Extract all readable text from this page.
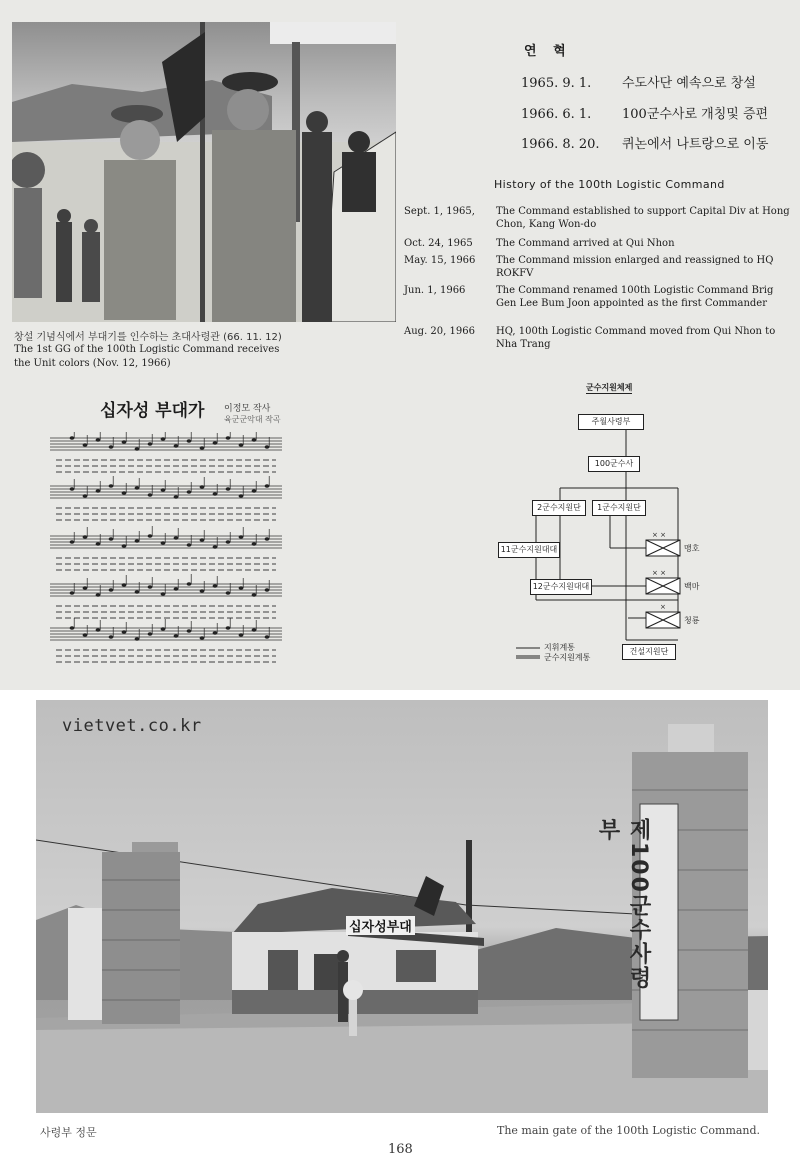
창설 기념식에서 부대기를 인수하는 초대사령관 (66. 11. 12)
The 1st GG of the 100th Logistic Command receives the Unit colors (Nov. 12, 1966)
연 혁
1965. 9. 1. 수도사단 예속으로 창설
1966. 6. 1. 100군수사로 개칭및 증편
1966. 8. 20. 퀴논에서 나트랑으로 이동
History of the 100th Logistic Command
Sept. 1, 1965,	The Command established to support Capital Div at Hong Chon, Kang Won-do
Oct. 24, 1965	The Command arrived at Qui Nhon
May. 15, 1966	The Command mission enlarged and reassigned to HQ ROKFV
Jun. 1, 1966	The Command renamed 100th Logistic Command Brig Gen Lee Bum Joon appointed as the first Commander
Aug. 20, 1966	HQ, 100th Logistic Command moved from Qui Nhon to Nha Trang
십자성 부대가 이정모 작사
육군군악대 작곡
군수지원체제
× ×
× ×
×
주월사령부
100군수사
2군수지원단	1군수지원단
11군수지원대대
12군수지원대대
건설지원단
맹호
백마
청룡
지휘계통
군수지원계통
제100군수사령부
십자성부대
vietvet.co.kr
사령부 정문	The main gate of the 100th Logistic Command.
168
